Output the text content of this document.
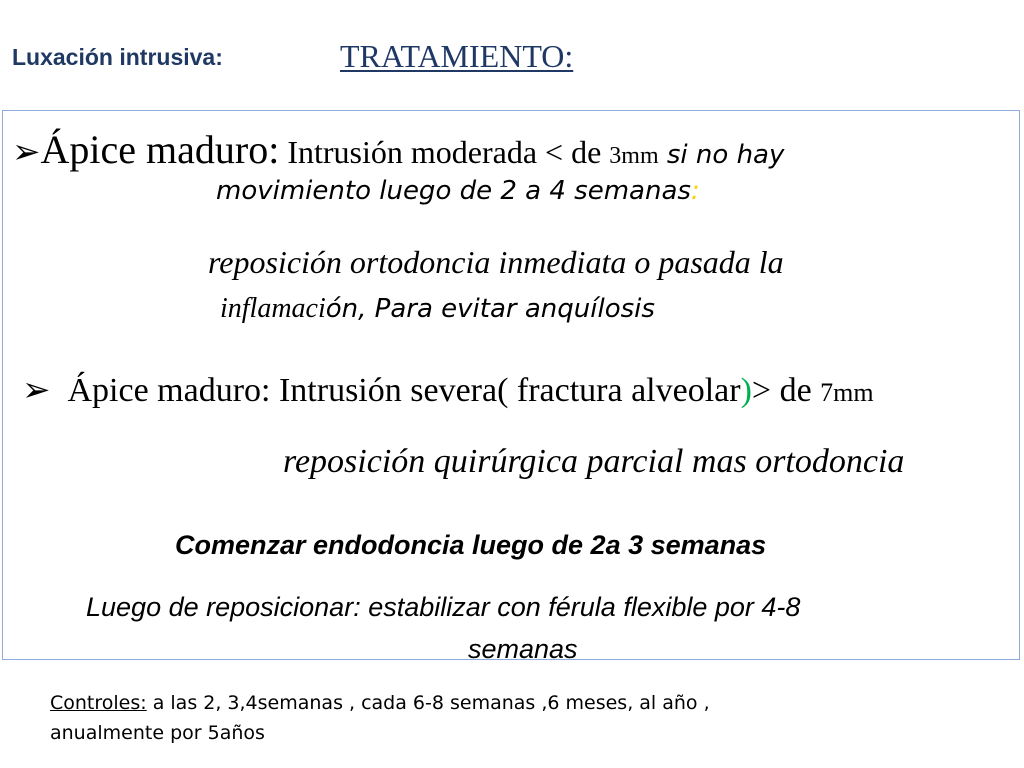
Luxación intrusiva:	TRATAMIENTO:
➢Ápice maduro: Intrusión moderada < de 3mm si no hay
movimiento luego de 2 a 4 semanas:
reposición ortodoncia inmediata o pasada la
inflamación, Para evitar anquílosis
➢ Ápice maduro: Intrusión severa( fractura alveolar)> de 7mm
reposición quirúrgica parcial mas ortodoncia
Comenzar endodoncia luego de 2a 3 semanas
Luego de reposicionar: estabilizar con férula flexible por 4-8
semanas
Controles: a las 2, 3,4semanas , cada 6-8 semanas ,6 meses, al año ,
anualmente por 5años
